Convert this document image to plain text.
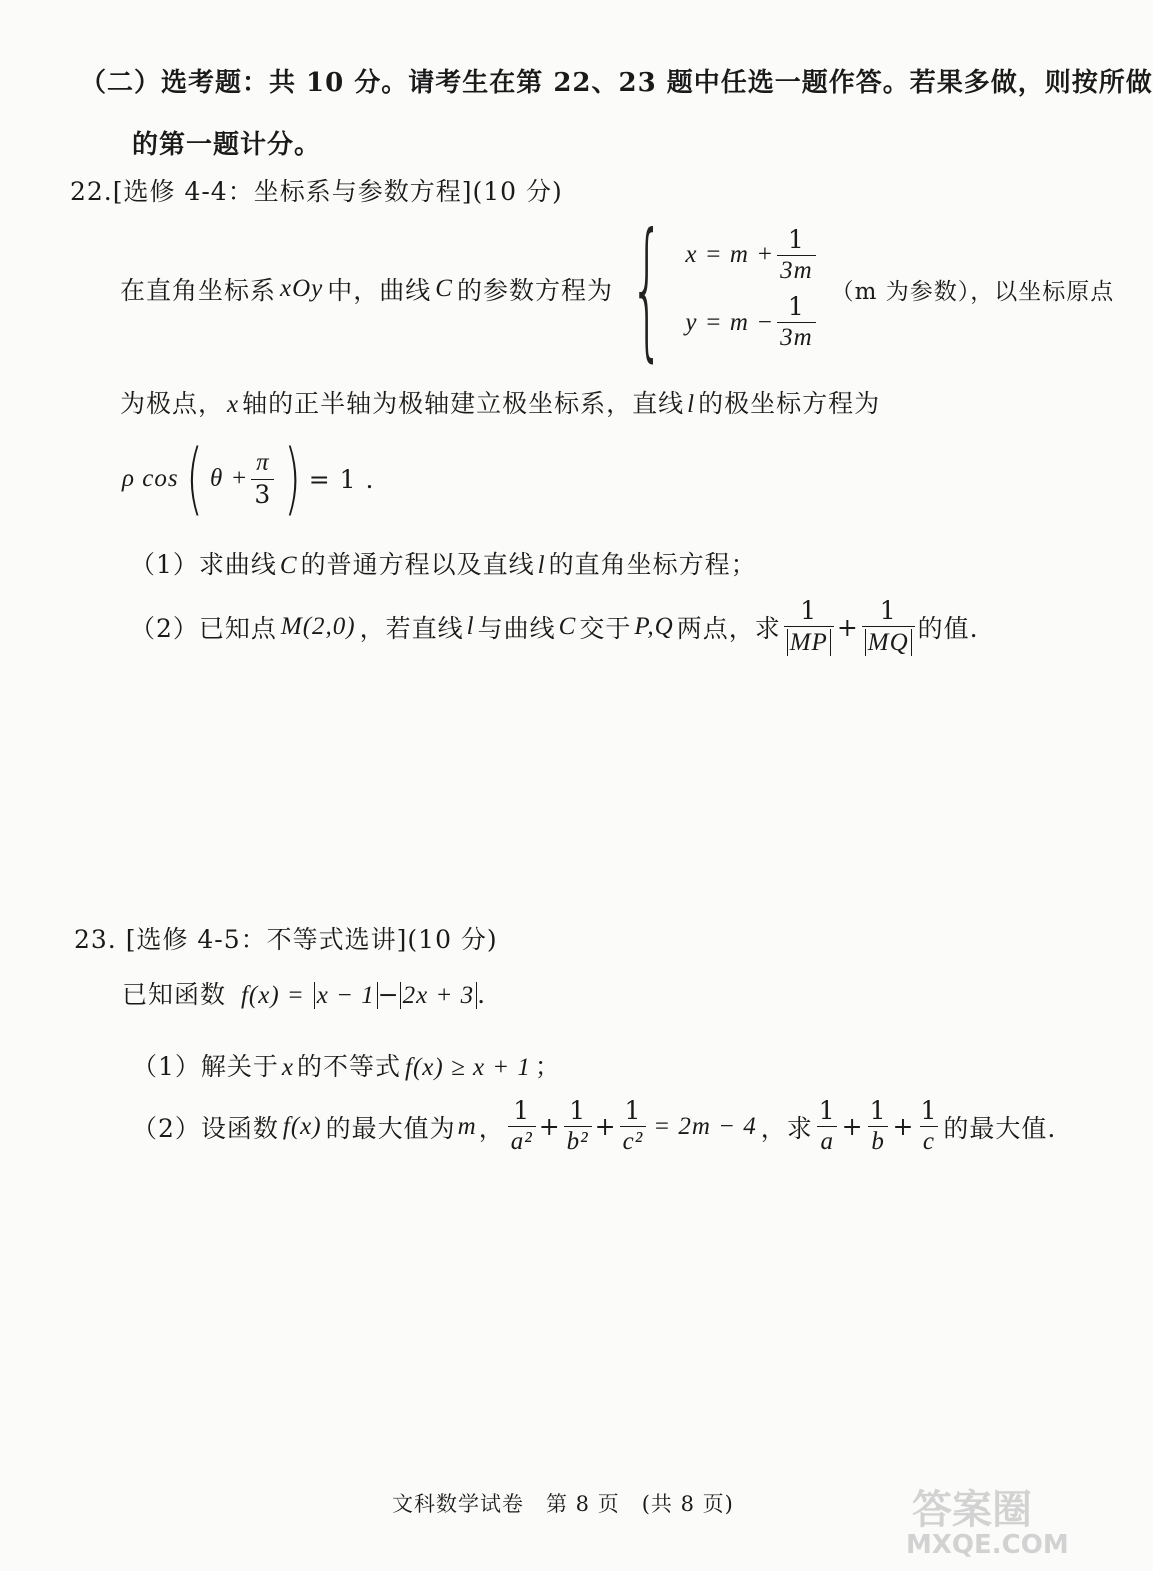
（二）选考题：共 10 分。请考生在第 22、23 题中任选一题作答。若果多做，则按所做
的第一题计分。
22.[选修 4-4：坐标系与参数方程](10 分)
在直角坐标系 xOy 中，曲线 C 的参数方程为 { $x = m + \frac{1}{3m}$
$y = m - \frac{1}{3m}$
（m 为参数），以坐标原点
为极点， x 轴的正半轴为极轴建立极坐标系，直线 l 的极坐标方程为
ρ cos ( $\theta + \frac{\pi}{3}$ ) = 1 .
（1）求曲线 C 的普通方程以及直线 l 的直角坐标方程；
（2）已知点 M(2,0) ，若直线 l 与曲线 C 交于 P,Q 两点，求 $\frac{1}{MP} + \frac{1}{MQ}$ 的值.
23. [选修 4-5：不等式选讲](10 分)
已知函数 f(x) = x − 1 − 2x + 3 .
（1）解关于 x 的不等式 f(x) ≥ x + 1 ；
（2）设函数 f(x) 的最大值为 m ， $\frac{1}{\text{a²}} + \frac{1}{\text{b²}} + \frac{1}{\text{c²}} = 2m - 4$ ，求 $\frac{1}{a} + \frac{1}{b} + \frac{1}{c}$ 的最大值.
文科数学试卷　第 8 页　(共 8 页)	答案圈
MXQE.COM
